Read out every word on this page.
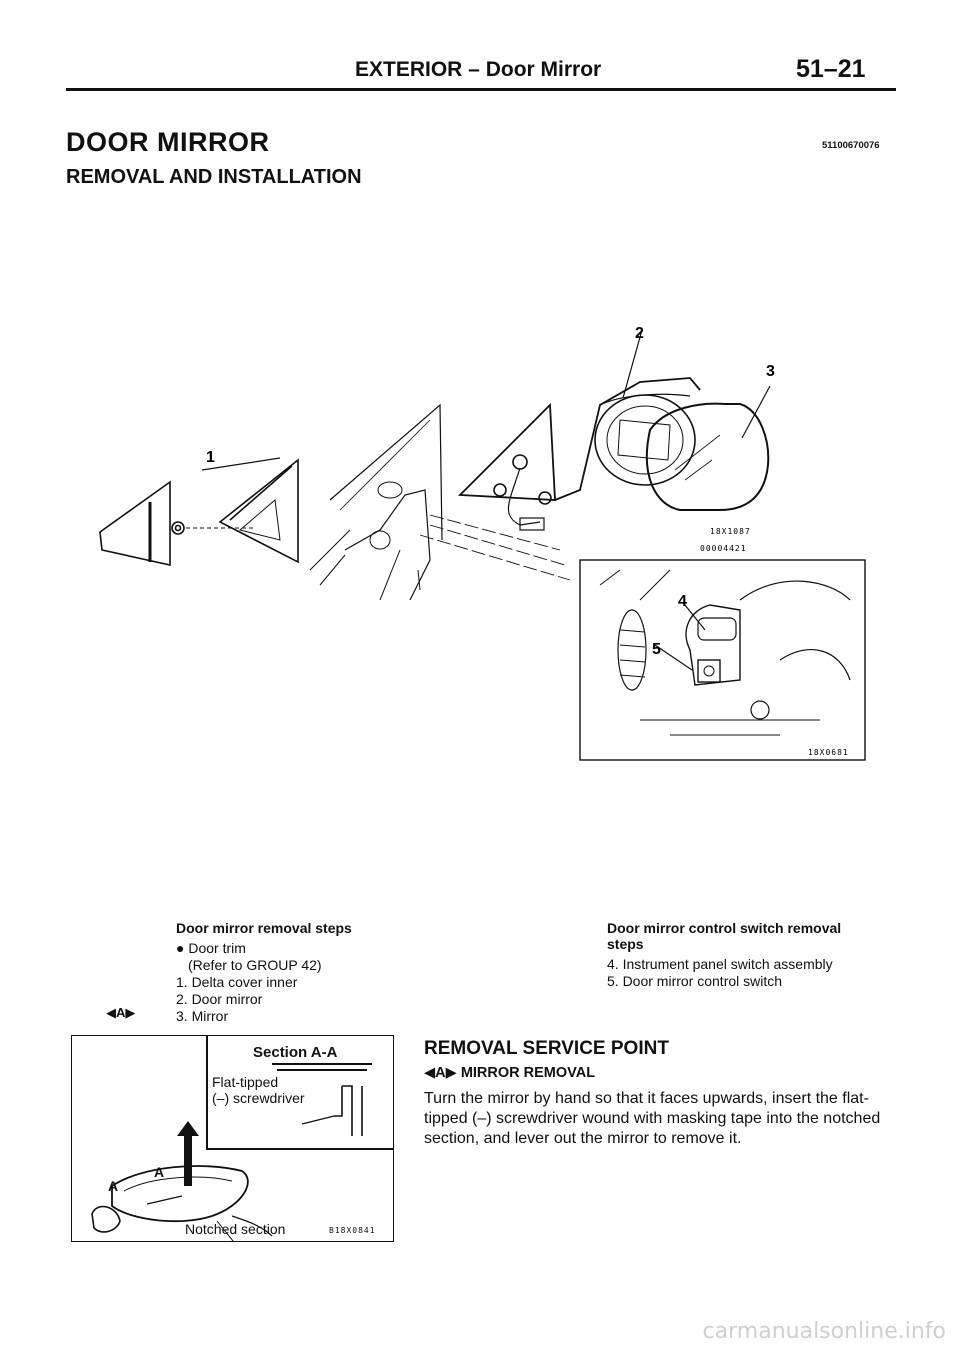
EXTERIOR – Door Mirror	51–21
DOOR MIRROR
REMOVAL AND INSTALLATION
51100670076
1
2
3
4
5
18X1087
00004421
18X0681
Door mirror removal steps
● Door trim
(Refer to GROUP 42)
1. Delta cover inner
2. Door mirror
3. Mirror
◀A▶
Door mirror control switch removal
steps
4. Instrument panel switch assembly
5. Door mirror control switch
Section A-A
Flat-tipped
(–) screwdriver
A
A
Notched section	B18X0841
REMOVAL SERVICE POINT
◀A▶ MIRROR REMOVAL
Turn the mirror by hand so that it faces upwards, insert the flat-tipped (–) screwdriver wound with masking tape into the notched section, and lever out the mirror to remove it.
carmanualsonline.info
